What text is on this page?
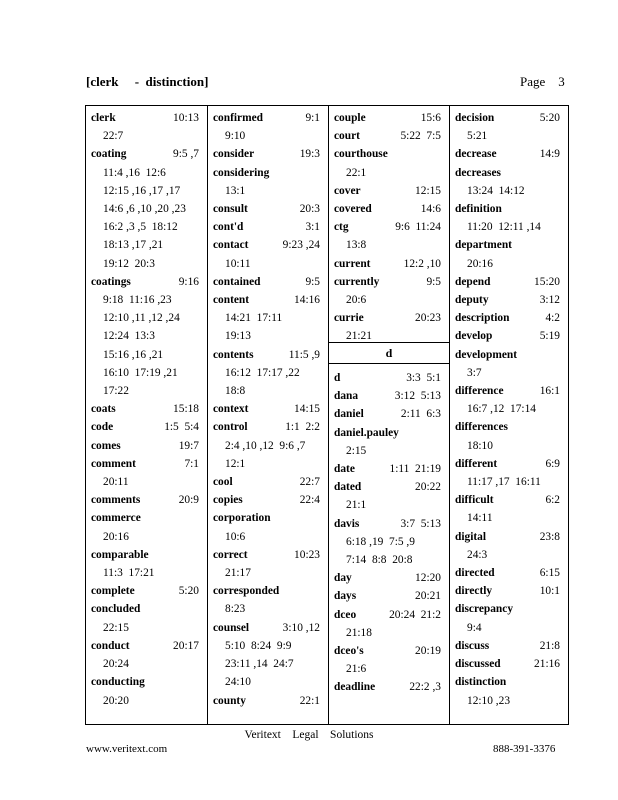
[clerk     -  distinction]	Page 3
clerk	10:13
22:7
coating	9:5 ,7
11:4 ,16  12:6
12:15 ,16 ,17 ,17
14:6 ,6 ,10 ,20 ,23
16:2 ,3 ,5  18:12
18:13 ,17 ,21
19:12  20:3
coatings	9:16
9:18  11:16 ,23
12:10 ,11 ,12 ,24
12:24  13:3
15:16 ,16 ,21
16:10  17:19 ,21
17:22
coats	15:18
code	1:5  5:4
comes	19:7
comment	7:1
20:11
comments	20:9
commerce
20:16
comparable
11:3  17:21
complete	5:20
concluded
22:15
conduct	20:17
20:24
conducting
20:20
confirmed	9:1
9:10
consider	19:3
considering
13:1
consult	20:3
cont'd	3:1
contact	9:23 ,24
10:11
contained	9:5
content	14:16
14:21  17:11
19:13
contents	11:5 ,9
16:12  17:17 ,22
18:8
context	14:15
control	1:1  2:2
2:4 ,10 ,12  9:6 ,7
12:1
cool	22:7
copies	22:4
corporation
10:6
correct	10:23
21:17
corresponded
8:23
counsel	3:10 ,12
5:10  8:24  9:9
23:11 ,14  24:7
24:10
county	22:1
couple	15:6
court	5:22  7:5
courthouse
22:1
cover	12:15
covered	14:6
ctg	9:6  11:24
13:8
current	12:2 ,10
currently	9:5
20:6
currie	20:23
21:21
d
d	3:3  5:1
dana	3:12  5:13
daniel	2:11  6:3
daniel.pauley
2:15
date	1:11  21:19
dated	20:22
21:1
davis	3:7  5:13
6:18 ,19  7:5 ,9
7:14  8:8  20:8
day	12:20
days	20:21
dceo	20:24  21:2
21:18
dceo's	20:19
21:6
deadline	22:2 ,3
decision	5:20
5:21
decrease	14:9
decreases
13:24  14:12
definition
11:20  12:11 ,14
department
20:16
depend	15:20
deputy	3:12
description	4:2
develop	5:19
development
3:7
difference	16:1
16:7 ,12  17:14
differences
18:10
different	6:9
11:17 ,17  16:11
difficult	6:2
14:11
digital	23:8
24:3
directed	6:15
directly	10:1
discrepancy
9:4
discuss	21:8
discussed	21:16
distinction
12:10 ,23
Veritext    Legal    Solutions
www.veritext.com	888-391-3376
